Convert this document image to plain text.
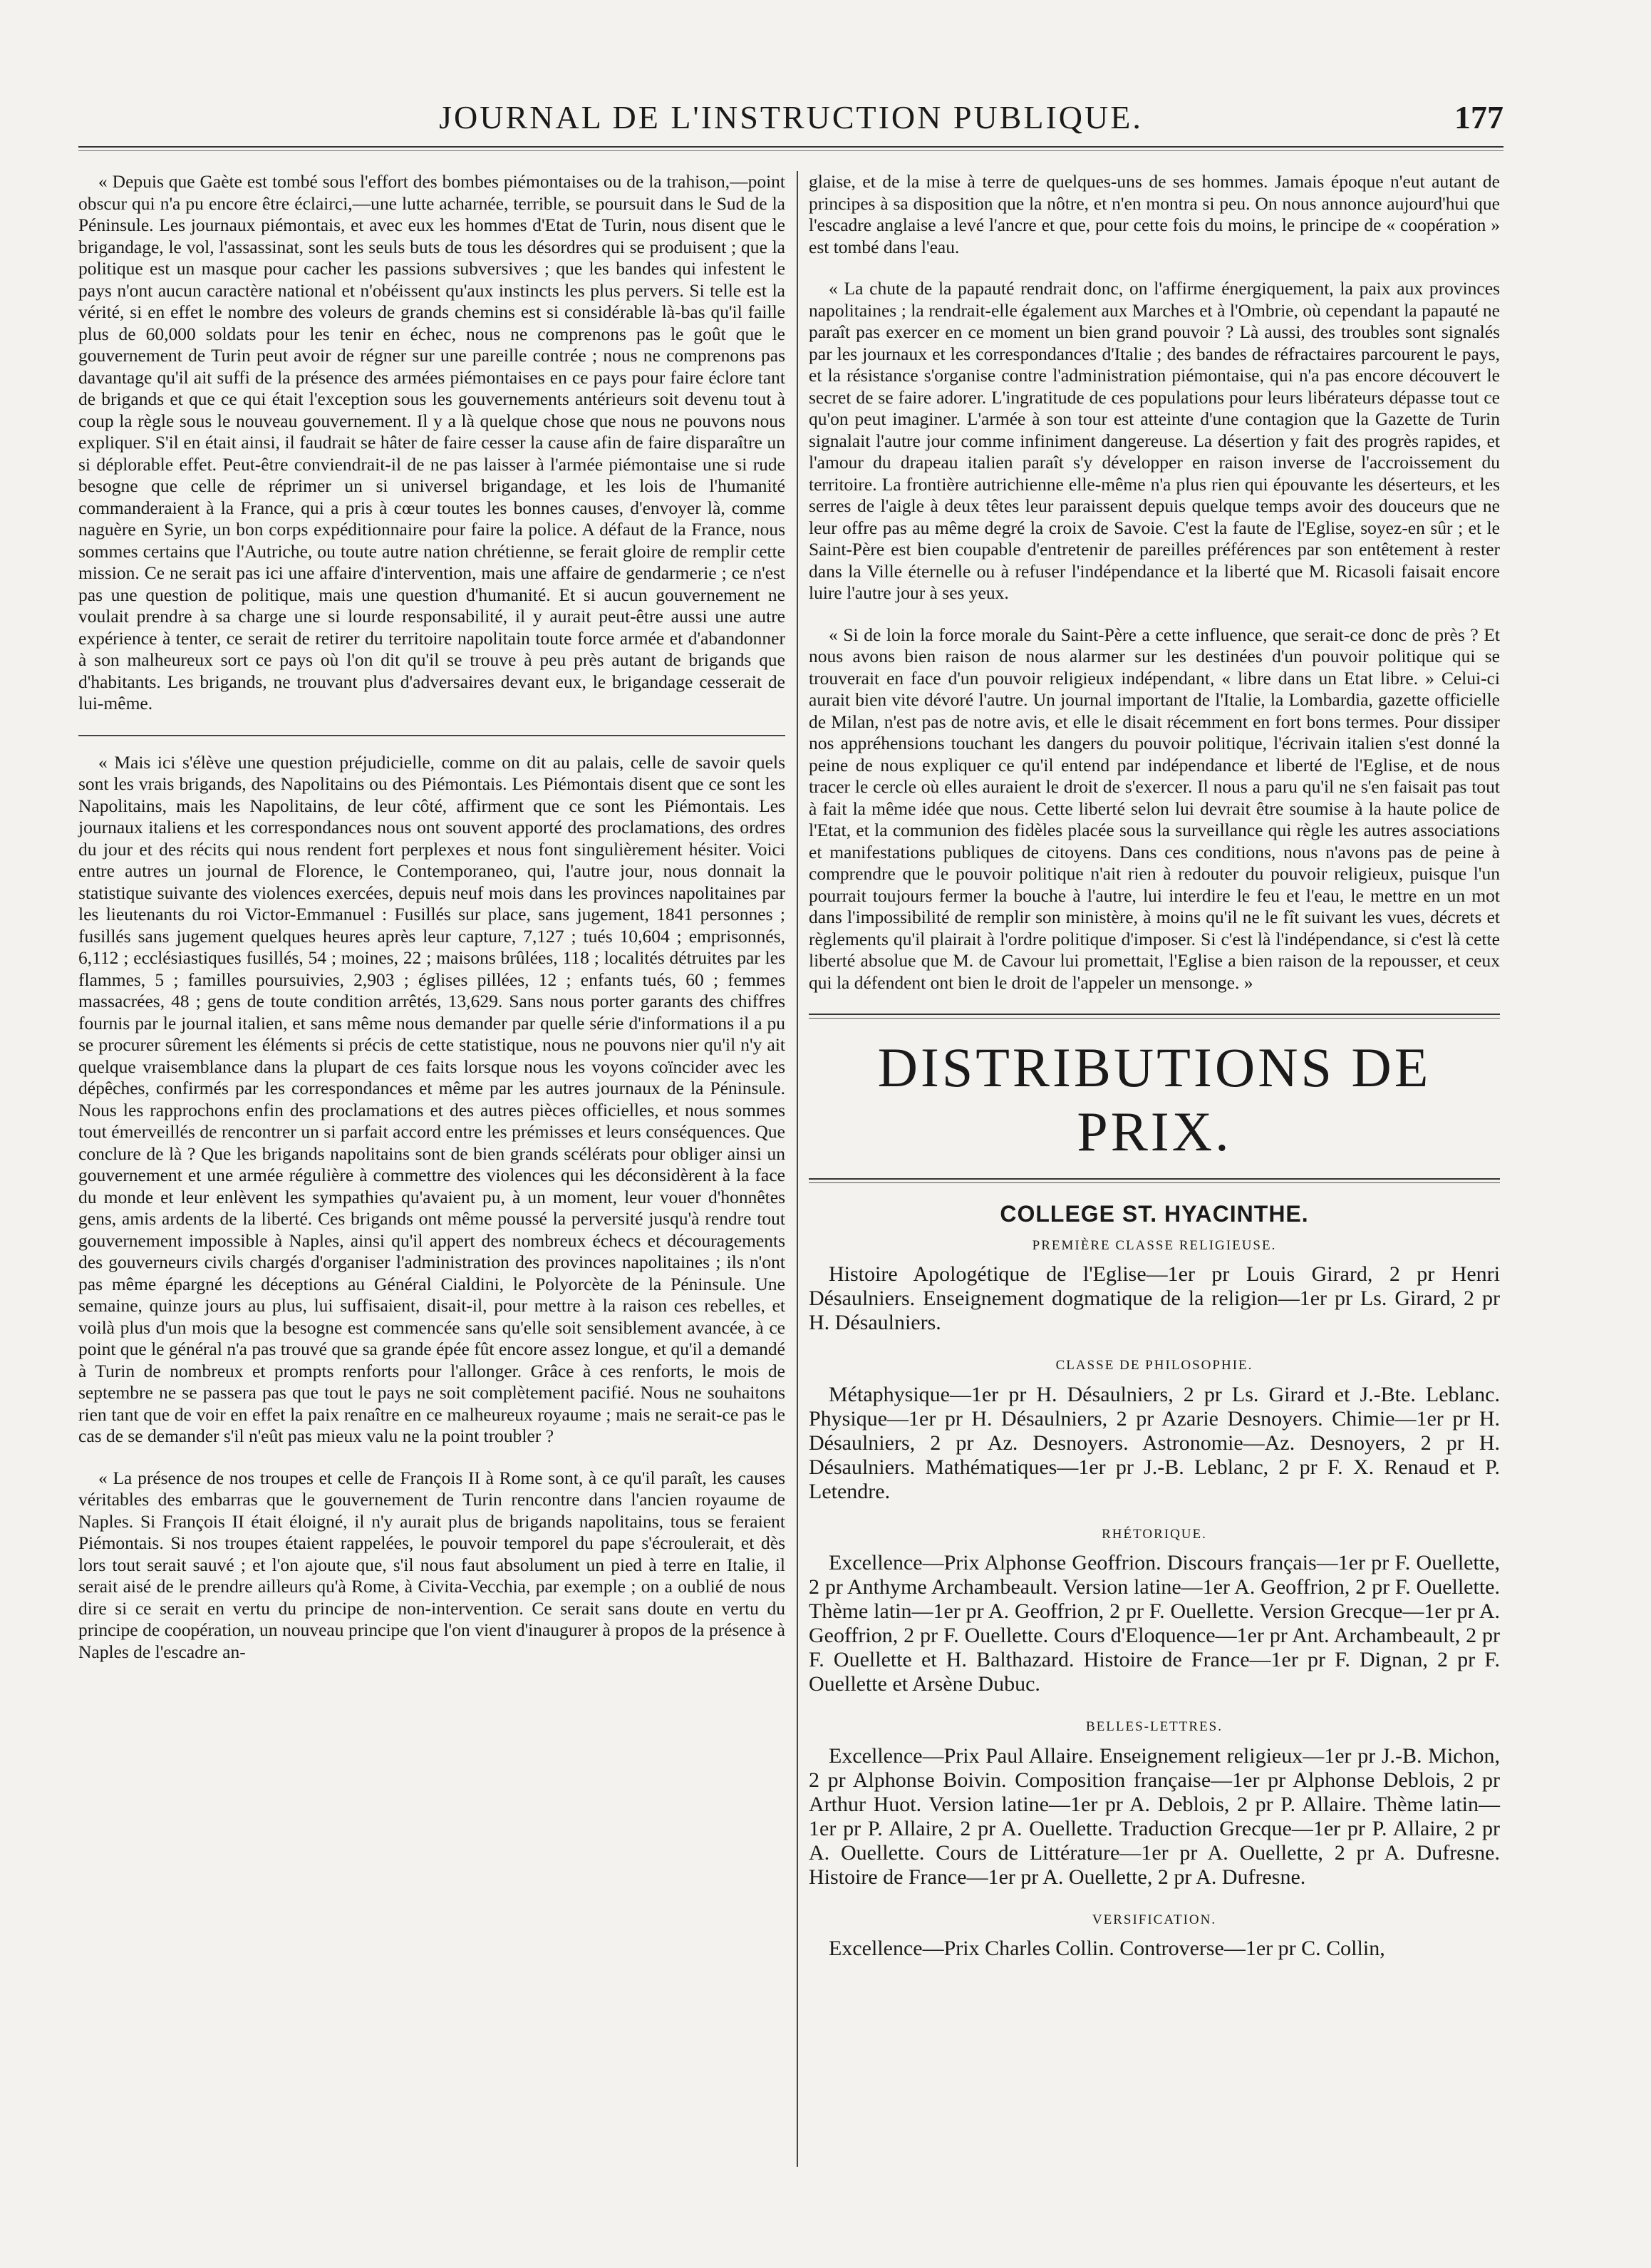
JOURNAL DE L'INSTRUCTION PUBLIQUE.	177

« Depuis que Gaète est tombé sous l'effort des bombes piémontaises ou de la trahison,—point obscur qui n'a pu encore être éclairci,—une lutte acharnée, terrible, se poursuit dans le Sud de la Péninsule. Les journaux piémontais, et avec eux les hommes d'Etat de Turin, nous disent que le brigandage, le vol, l'assassinat, sont les seuls buts de tous les désordres qui se produisent ; que la politique est un masque pour cacher les passions subversives ; que les bandes qui infestent le pays n'ont aucun caractère national et n'obéissent qu'aux instincts les plus pervers. Si telle est la vérité, si en effet le nombre des voleurs de grands chemins est si considérable là-bas qu'il faille plus de 60,000 soldats pour les tenir en échec, nous ne comprenons pas le goût que le gouvernement de Turin peut avoir de régner sur une pareille contrée ; nous ne comprenons pas davantage qu'il ait suffi de la présence des armées piémontaises en ce pays pour faire éclore tant de brigands et que ce qui était l'exception sous les gouvernements antérieurs soit devenu tout à coup la règle sous le nouveau gouvernement. Il y a là quelque chose que nous ne pouvons nous expliquer. S'il en était ainsi, il faudrait se hâter de faire cesser la cause afin de faire disparaître un si déplorable effet. Peut-être conviendrait-il de ne pas laisser à l'armée piémontaise une si rude besogne que celle de réprimer un si universel brigandage, et les lois de l'humanité commanderaient à la France, qui a pris à cœur toutes les bonnes causes, d'envoyer là, comme naguère en Syrie, un bon corps expéditionnaire pour faire la police. A défaut de la France, nous sommes certains que l'Autriche, ou toute autre nation chrétienne, se ferait gloire de remplir cette mission. Ce ne serait pas ici une affaire d'intervention, mais une affaire de gendarmerie ; ce n'est pas une question de politique, mais une question d'humanité. Et si aucun gouvernement ne voulait prendre à sa charge une si lourde responsabilité, il y aurait peut-être aussi une autre expérience à tenter, ce serait de retirer du territoire napolitain toute force armée et d'abandonner à son malheureux sort ce pays où l'on dit qu'il se trouve à peu près autant de brigands que d'habitants. Les brigands, ne trouvant plus d'adversaires devant eux, le brigandage cesserait de lui-même.

« Mais ici s'élève une question préjudicielle, comme on dit au palais, celle de savoir quels sont les vrais brigands, des Napolitains ou des Piémontais. Les Piémontais disent que ce sont les Napolitains, mais les Napolitains, de leur côté, affirment que ce sont les Piémontais. Les journaux italiens et les correspondances nous ont souvent apporté des proclamations, des ordres du jour et des récits qui nous rendent fort perplexes et nous font singulièrement hésiter. Voici entre autres un journal de Florence, le Contemporaneo, qui, l'autre jour, nous donnait la statistique suivante des violences exercées, depuis neuf mois dans les provinces napolitaines par les lieutenants du roi Victor-Emmanuel : Fusillés sur place, sans jugement, 1841 personnes ; fusillés sans jugement quelques heures après leur capture, 7,127 ; tués 10,604 ; emprisonnés, 6,112 ; ecclésiastiques fusillés, 54 ; moines, 22 ; maisons brûlées, 118 ; localités détruites par les flammes, 5 ; familles poursuivies, 2,903 ; églises pillées, 12 ; enfants tués, 60 ; femmes massacrées, 48 ; gens de toute condition arrêtés, 13,629. Sans nous porter garants des chiffres fournis par le journal italien, et sans même nous demander par quelle série d'informations il a pu se procurer sûrement les éléments si précis de cette statistique, nous ne pouvons nier qu'il n'y ait quelque vraisemblance dans la plupart de ces faits lorsque nous les voyons coïncider avec les dépêches, confirmés par les correspondances et même par les autres journaux de la Péninsule. Nous les rapprochons enfin des proclamations et des autres pièces officielles, et nous sommes tout émerveillés de rencontrer un si parfait accord entre les prémisses et leurs conséquences. Que conclure de là ? Que les brigands napolitains sont de bien grands scélérats pour obliger ainsi un gouvernement et une armée régulière à commettre des violences qui les déconsidèrent à la face du monde et leur enlèvent les sympathies qu'avaient pu, à un moment, leur vouer d'honnêtes gens, amis ardents de la liberté. Ces brigands ont même poussé la perversité jusqu'à rendre tout gouvernement impossible à Naples, ainsi qu'il appert des nombreux échecs et découragements des gouverneurs civils chargés d'organiser l'administration des provinces napolitaines ; ils n'ont pas même épargné les déceptions au Général Cialdini, le Polyorcète de la Péninsule. Une semaine, quinze jours au plus, lui suffisaient, disait-il, pour mettre à la raison ces rebelles, et voilà plus d'un mois que la besogne est commencée sans qu'elle soit sensiblement avancée, à ce point que le général n'a pas trouvé que sa grande épée fût encore assez longue, et qu'il a demandé à Turin de nombreux et prompts renforts pour l'allonger. Grâce à ces renforts, le mois de septembre ne se passera pas que tout le pays ne soit complètement pacifié. Nous ne souhaitons rien tant que de voir en effet la paix renaître en ce malheureux royaume ; mais ne serait-ce pas le cas de se demander s'il n'eût pas mieux valu ne la point troubler ?

« La présence de nos troupes et celle de François II à Rome sont, à ce qu'il paraît, les causes véritables des embarras que le gouvernement de Turin rencontre dans l'ancien royaume de Naples. Si François II était éloigné, il n'y aurait plus de brigands napolitains, tous se feraient Piémontais. Si nos troupes étaient rappelées, le pouvoir temporel du pape s'écroulerait, et dès lors tout serait sauvé ; et l'on ajoute que, s'il nous faut absolument un pied à terre en Italie, il serait aisé de le prendre ailleurs qu'à Rome, à Civita-Vecchia, par exemple ; on a oublié de nous dire si ce serait en vertu du principe de non-intervention. Ce serait sans doute en vertu du principe de coopération, un nouveau principe que l'on vient d'inaugurer à propos de la présence à Naples de l'escadre an-

glaise, et de la mise à terre de quelques-uns de ses hommes. Jamais époque n'eut autant de principes à sa disposition que la nôtre, et n'en montra si peu. On nous annonce aujourd'hui que l'escadre anglaise a levé l'ancre et que, pour cette fois du moins, le principe de « coopération » est tombé dans l'eau.

« La chute de la papauté rendrait donc, on l'affirme énergiquement, la paix aux provinces napolitaines ; la rendrait-elle également aux Marches et à l'Ombrie, où cependant la papauté ne paraît pas exercer en ce moment un bien grand pouvoir ? Là aussi, des troubles sont signalés par les journaux et les correspondances d'Italie ; des bandes de réfractaires parcourent le pays, et la résistance s'organise contre l'administration piémontaise, qui n'a pas encore découvert le secret de se faire adorer. L'ingratitude de ces populations pour leurs libérateurs dépasse tout ce qu'on peut imaginer. L'armée à son tour est atteinte d'une contagion que la Gazette de Turin signalait l'autre jour comme infiniment dangereuse. La désertion y fait des progrès rapides, et l'amour du drapeau italien paraît s'y développer en raison inverse de l'accroissement du territoire. La frontière autrichienne elle-même n'a plus rien qui épouvante les déserteurs, et les serres de l'aigle à deux têtes leur paraissent depuis quelque temps avoir des douceurs que ne leur offre pas au même degré la croix de Savoie. C'est la faute de l'Eglise, soyez-en sûr ; et le Saint-Père est bien coupable d'entretenir de pareilles préférences par son entêtement à rester dans la Ville éternelle ou à refuser l'indépendance et la liberté que M. Ricasoli faisait encore luire l'autre jour à ses yeux.

« Si de loin la force morale du Saint-Père a cette influence, que serait-ce donc de près ? Et nous avons bien raison de nous alarmer sur les destinées d'un pouvoir politique qui se trouverait en face d'un pouvoir religieux indépendant, « libre dans un Etat libre. » Celui-ci aurait bien vite dévoré l'autre. Un journal important de l'Italie, la Lombardia, gazette officielle de Milan, n'est pas de notre avis, et elle le disait récemment en fort bons termes. Pour dissiper nos appréhensions touchant les dangers du pouvoir politique, l'écrivain italien s'est donné la peine de nous expliquer ce qu'il entend par indépendance et liberté de l'Eglise, et de nous tracer le cercle où elles auraient le droit de s'exercer. Il nous a paru qu'il ne s'en faisait pas tout à fait la même idée que nous. Cette liberté selon lui devrait être soumise à la haute police de l'Etat, et la communion des fidèles placée sous la surveillance qui règle les autres associations et manifestations publiques de citoyens. Dans ces conditions, nous n'avons pas de peine à comprendre que le pouvoir politique n'ait rien à redouter du pouvoir religieux, puisque l'un pourrait toujours fermer la bouche à l'autre, lui interdire le feu et l'eau, le mettre en un mot dans l'impossibilité de remplir son ministère, à moins qu'il ne le fît suivant les vues, décrets et règlements qu'il plairait à l'ordre politique d'imposer. Si c'est là l'indépendance, si c'est là cette liberté absolue que M. de Cavour lui promettait, l'Eglise a bien raison de la repousser, et ceux qui la défendent ont bien le droit de l'appeler un mensonge. »

DISTRIBUTIONS DE PRIX.
COLLEGE ST. HYACINTHE.
PREMIÈRE CLASSE RELIGIEUSE.

Histoire Apologétique de l'Eglise—1er pr Louis Girard, 2 pr Henri Désaulniers. Enseignement dogmatique de la religion—1er pr Ls. Girard, 2 pr H. Désaulniers.

CLASSE DE PHILOSOPHIE.

Métaphysique—1er pr H. Désaulniers, 2 pr Ls. Girard et J.-Bte. Leblanc. Physique—1er pr H. Désaulniers, 2 pr Azarie Desnoyers. Chimie—1er pr H. Désaulniers, 2 pr Az. Desnoyers. Astronomie—Az. Desnoyers, 2 pr H. Désaulniers. Mathématiques—1er pr J.-B. Leblanc, 2 pr F. X. Renaud et P. Letendre.

RHÉTORIQUE.

Excellence—Prix Alphonse Geoffrion. Discours français—1er pr F. Ouellette, 2 pr Anthyme Archambeault. Version latine—1er A. Geoffrion, 2 pr F. Ouellette. Thème latin—1er pr A. Geoffrion, 2 pr F. Ouellette. Version Grecque—1er pr A. Geoffrion, 2 pr F. Ouellette. Cours d'Eloquence—1er pr Ant. Archambeault, 2 pr F. Ouellette et H. Balthazard. Histoire de France—1er pr F. Dignan, 2 pr F. Ouellette et Arsène Dubuc.

BELLES-LETTRES.

Excellence—Prix Paul Allaire. Enseignement religieux—1er pr J.-B. Michon, 2 pr Alphonse Boivin. Composition française—1er pr Alphonse Deblois, 2 pr Arthur Huot. Version latine—1er pr A. Deblois, 2 pr P. Allaire. Thème latin—1er pr P. Allaire, 2 pr A. Ouellette. Traduction Grecque—1er pr P. Allaire, 2 pr A. Ouellette. Cours de Littérature—1er pr A. Ouellette, 2 pr A. Dufresne. Histoire de France—1er pr A. Ouellette, 2 pr A. Dufresne.

VERSIFICATION.

Excellence—Prix Charles Collin. Controverse—1er pr C. Collin,
